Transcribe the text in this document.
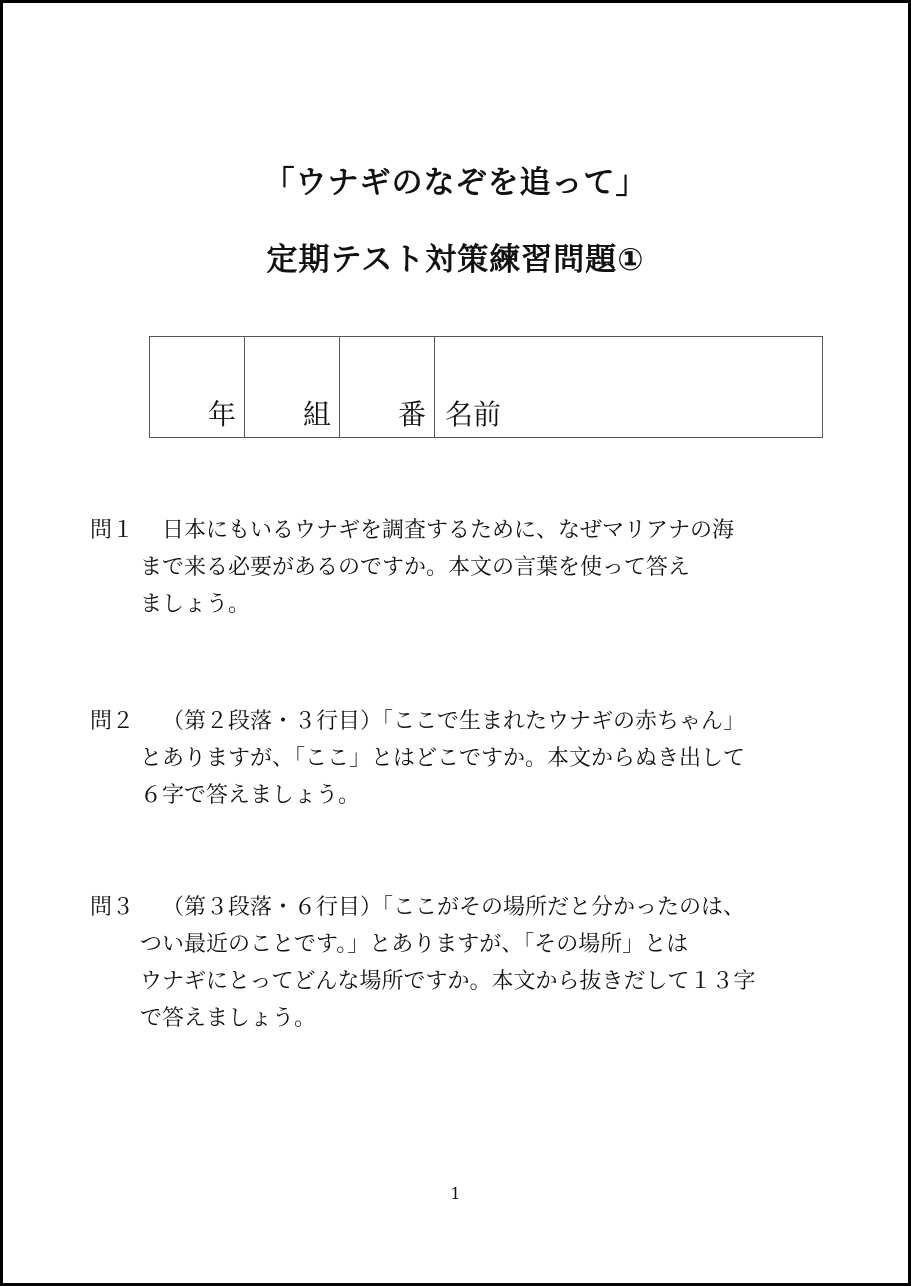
「ウナギのなぞを追って」
定期テスト対策練習問題①
年	組	番	名前
問１ 日本にもいるウナギを調査するために、なぜマリアナの海
まで来る必要があるのですか。本文の言葉を使って答え
ましょう。
問２ （第２段落・３行目）「ここで生まれたウナギの赤ちゃん」
とありますが、「ここ」とはどこですか。本文からぬき出して
６字で答えましょう。
問３ （第３段落・６行目）「ここがその場所だと分かったのは、
つい最近のことです。」とありますが、「その場所」とは
ウナギにとってどんな場所ですか。本文から抜きだして１３字
で答えましょう。
1
